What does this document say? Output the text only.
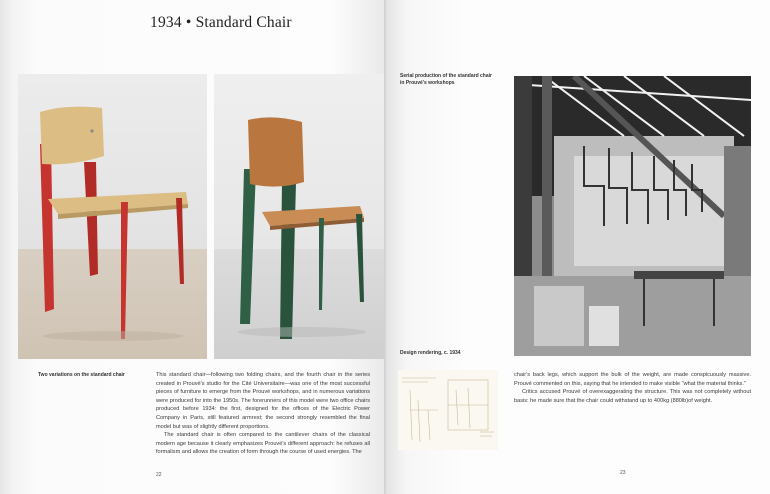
1934 • Standard Chair
Two variations on the standard chair	This standard chair—following two folding chairs, and the fourth chair in the series created in Prouvé's studio for the Cité Universitaire—was one of the most successful pieces of furniture to emerge from the Prouvé workshops, and in numerous variations were produced for into the 1950s. The forerunners of this model were two office chairs produced before 1934: the first, designed for the offices of the Electric Power Company in Paris, still featured armrest; the second strongly resembled the final model but was of slightly different proportions.

The standard chair is often compared to the cantilever chairs of the classical modern age because it clearly emphasizes Prouvé's different approach: he refuses all formalism and allows the creation of form through the course of used energies. The

22
Serial production of the standard chair in Prouvé's workshops
Design rendering, c. 1934

chair's back legs, which support the bulk of the weight, are made conspicuously massive. Prouvé commented on this, saying that he intended to make visible "what the material thinks."

Critics accused Prouvé of overexaggerating the structure. This was not completely without basis: he made sure that the chair could withstand up to 400kg (880lb)of weight.

23
